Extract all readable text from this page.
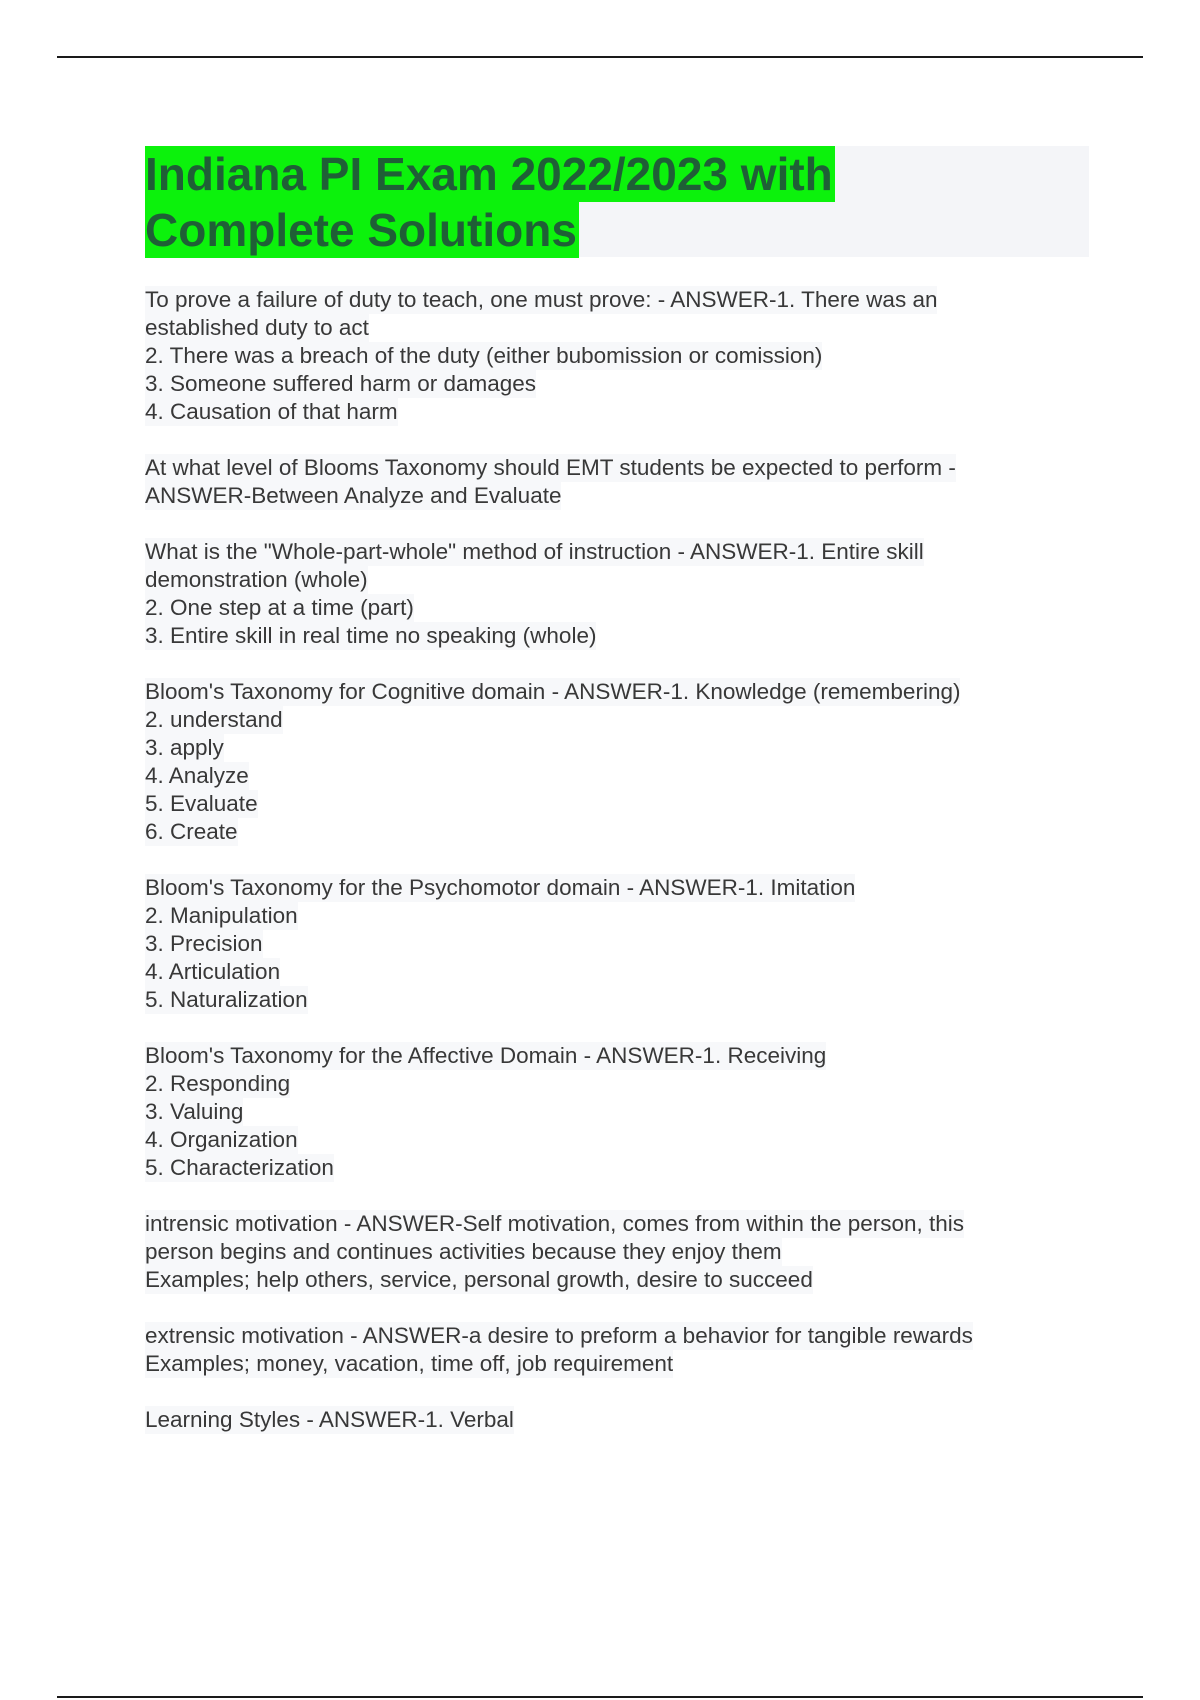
Indiana PI Exam 2022/2023 with
Complete Solutions
To prove a failure of duty to teach, one must prove: - ANSWER-1. There was an
established duty to act
2. There was a breach of the duty (either bubomission or comission)
3. Someone suffered harm or damages
4. Causation of that harm
At what level of Blooms Taxonomy should EMT students be expected to perform -
ANSWER-Between Analyze and Evaluate
What is the "Whole-part-whole" method of instruction - ANSWER-1. Entire skill
demonstration (whole)
2. One step at a time (part)
3. Entire skill in real time no speaking (whole)
Bloom's Taxonomy for Cognitive domain - ANSWER-1. Knowledge (remembering)
2. understand
3. apply
4. Analyze
5. Evaluate
6. Create
Bloom's Taxonomy for the Psychomotor domain - ANSWER-1. Imitation
2. Manipulation
3. Precision
4. Articulation
5. Naturalization
Bloom's Taxonomy for the Affective Domain - ANSWER-1. Receiving
2. Responding
3. Valuing
4. Organization
5. Characterization
intrensic motivation - ANSWER-Self motivation, comes from within the person, this
person begins and continues activities because they enjoy them
Examples; help others, service, personal growth, desire to succeed
extrensic motivation - ANSWER-a desire to preform a behavior for tangible rewards
Examples; money, vacation, time off, job requirement
Learning Styles - ANSWER-1. Verbal
